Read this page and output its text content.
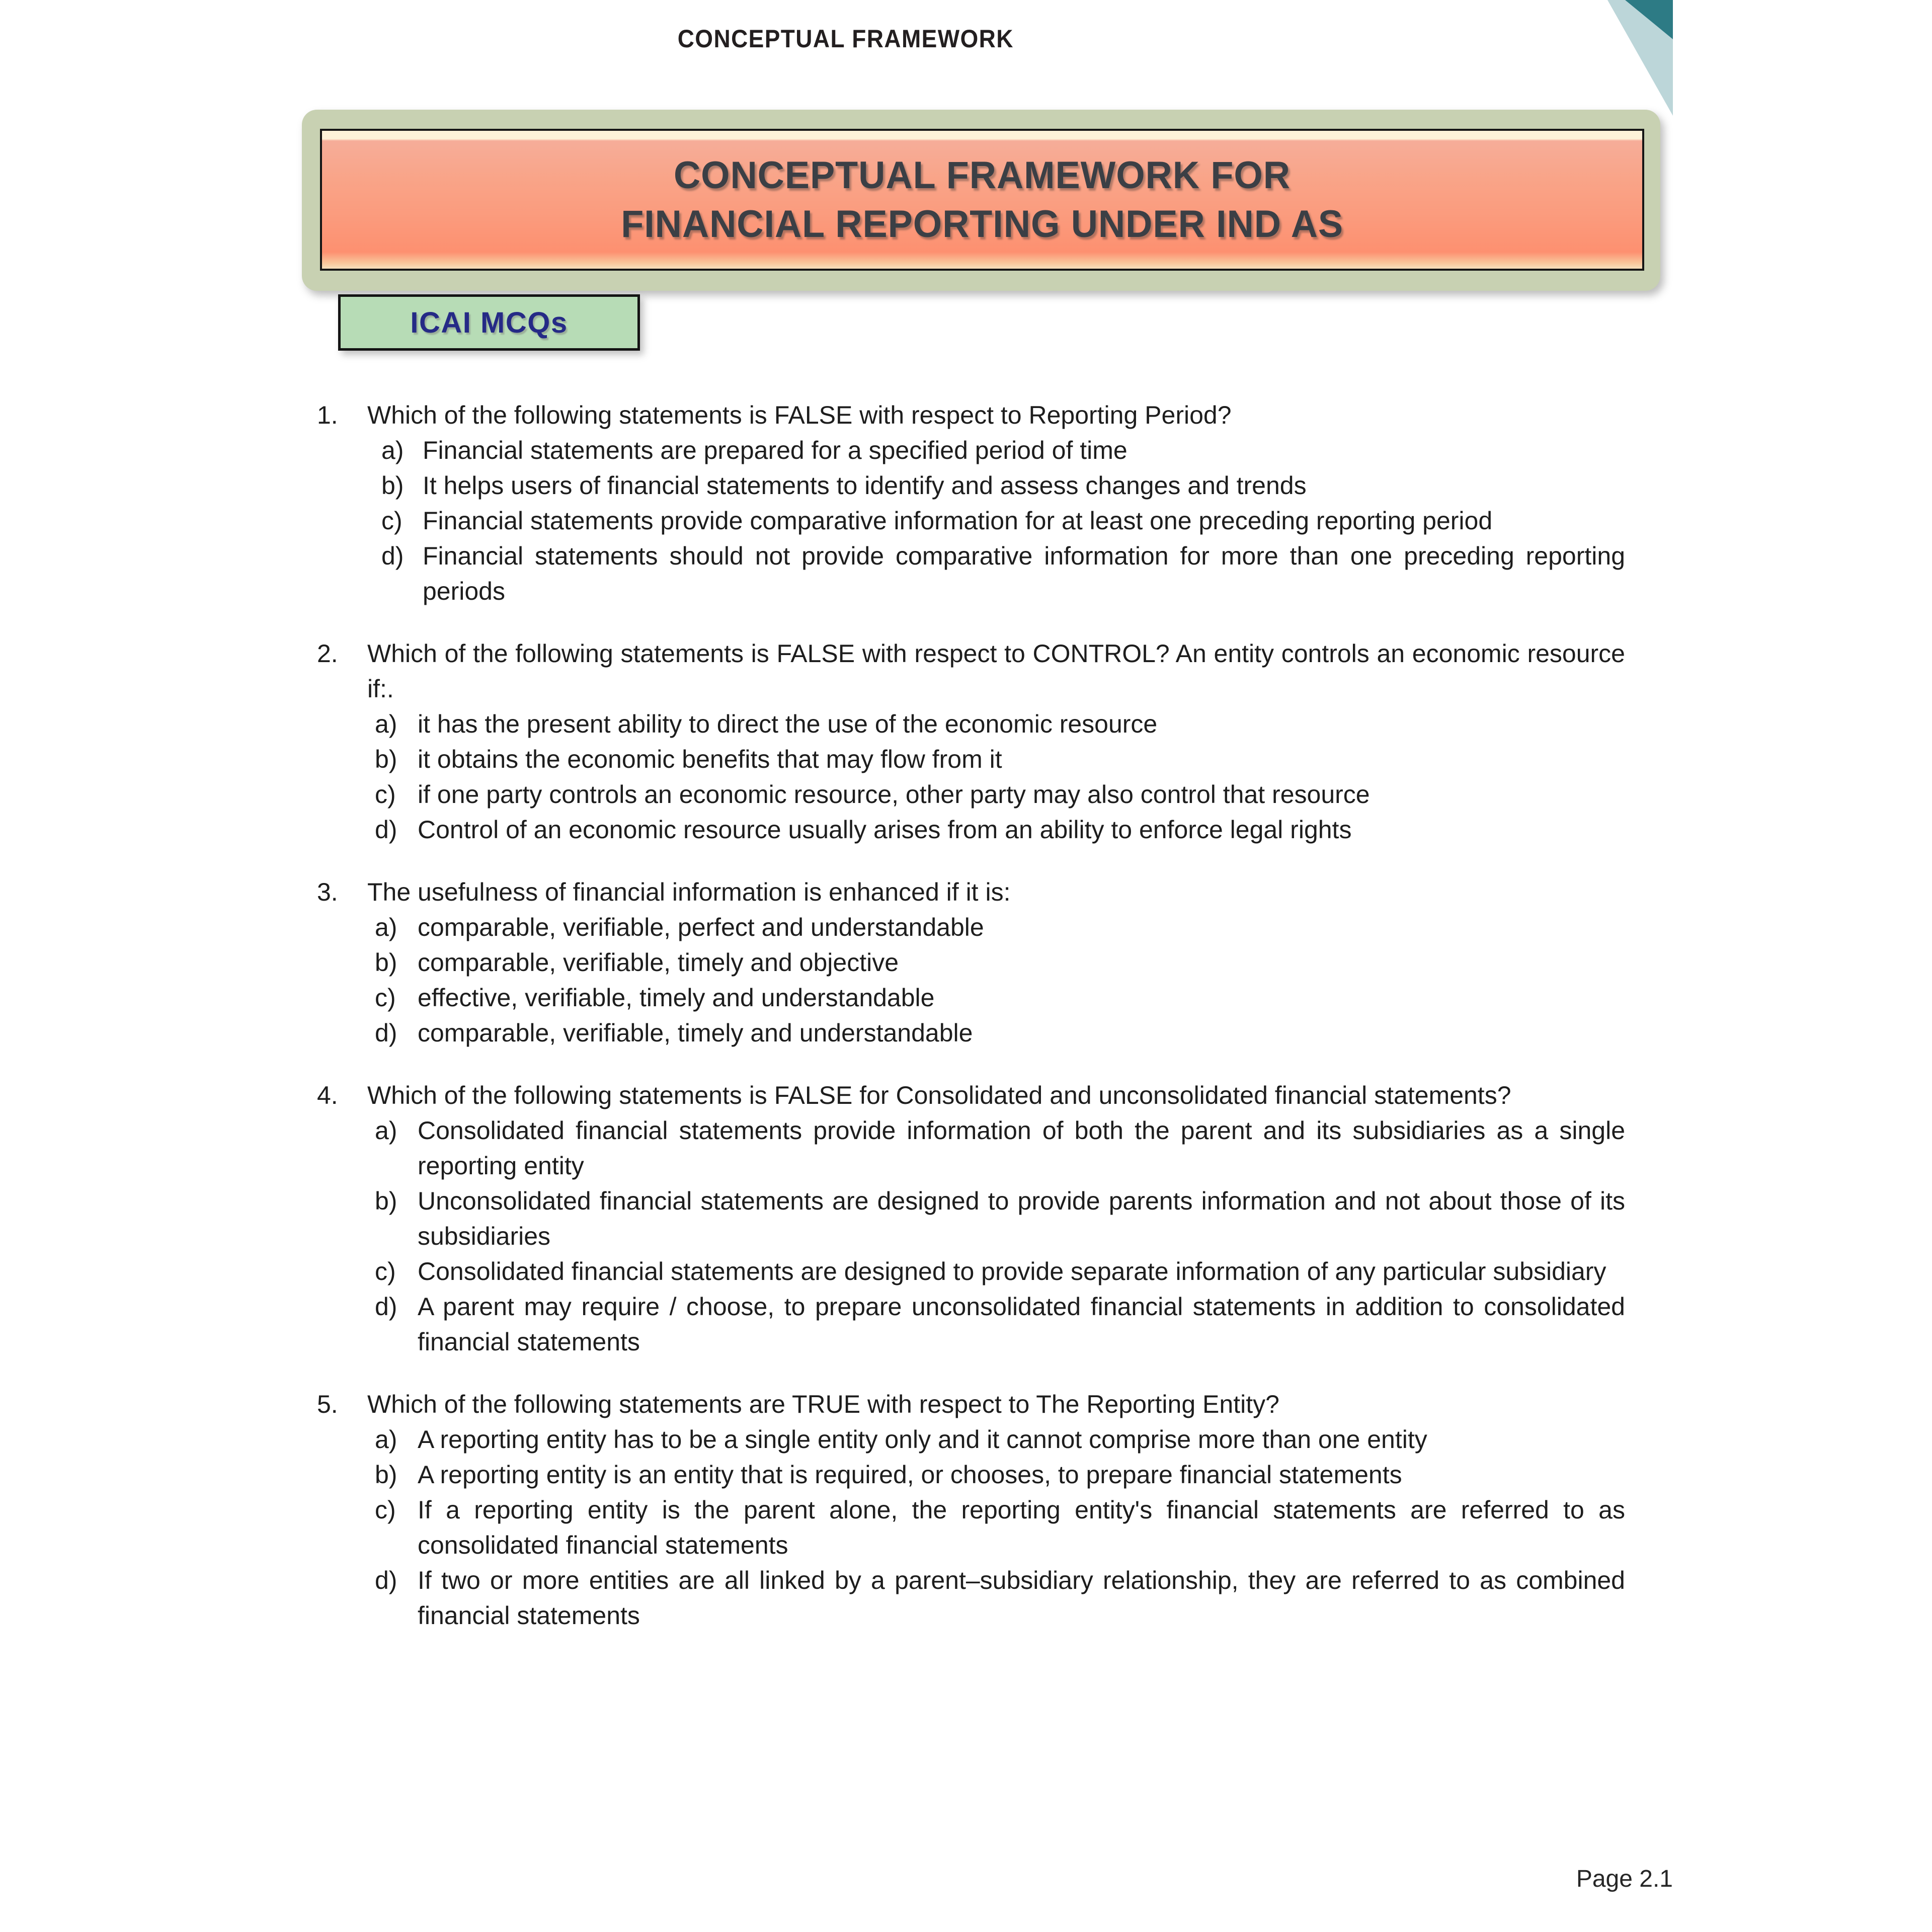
CONCEPTUAL FRAMEWORK
CONCEPTUAL FRAMEWORK FOR
FINANCIAL REPORTING UNDER IND AS
ICAI MCQs
1.	Which of the following statements is FALSE with respect to Reporting Period?
a) Financial statements are prepared for a specified period of time
b) It helps users of financial statements to identify and assess changes and trends
c) Financial statements provide comparative information for at least one preceding reporting period
d) Financial statements should not provide comparative information for more than one preceding reporting periods
2.	Which of the following statements is FALSE with respect to CONTROL? An entity controls an economic resource if:.
a) it has the present ability to direct the use of the economic resource
b) it obtains the economic benefits that may flow from it
c) if one party controls an economic resource, other party may also control that resource
d) Control of an economic resource usually arises from an ability to enforce legal rights
3.	The usefulness of financial information is enhanced if it is:
a) comparable, verifiable, perfect and understandable
b) comparable, verifiable, timely and objective
c) effective, verifiable, timely and understandable
d) comparable, verifiable, timely and understandable
4.	Which of the following statements is FALSE for Consolidated and unconsolidated financial statements?
a) Consolidated financial statements provide information of both the parent and its subsidiaries as a single reporting entity
b) Unconsolidated financial statements are designed to provide parents information and not about those of its subsidiaries
c) Consolidated financial statements are designed to provide separate information of any particular subsidiary
d) A parent may require / choose, to prepare unconsolidated financial statements in addition to consolidated financial statements
5.	Which of the following statements are TRUE with respect to The Reporting Entity?
a) A reporting entity has to be a single entity only and it cannot comprise more than one entity
b) A reporting entity is an entity that is required, or chooses, to prepare financial statements
c) If a reporting entity is the parent alone, the reporting entity's financial statements are referred to as consolidated financial statements
d) If two or more entities are all linked by a parent–subsidiary relationship, they are referred to as combined financial statements
Page 2.1
